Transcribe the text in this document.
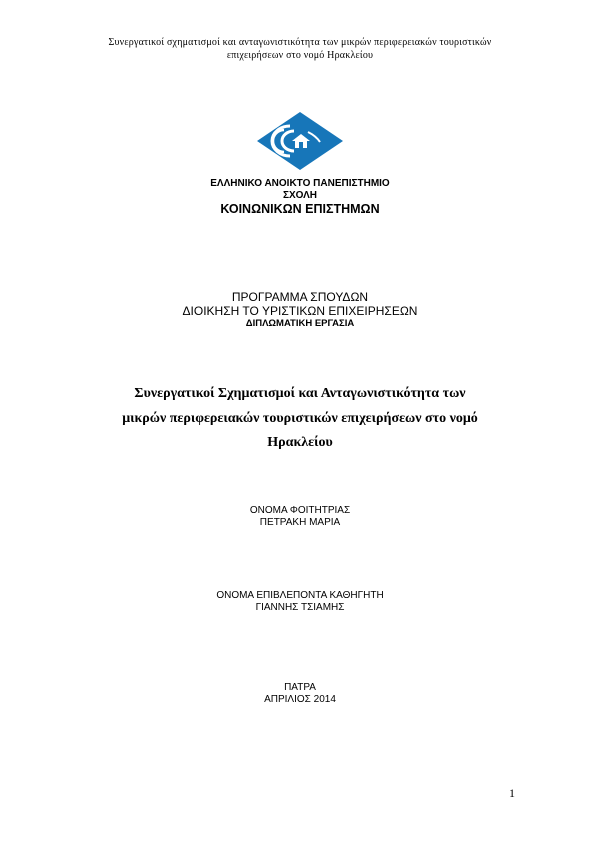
Συνεργατικοί σχηματισμοί και ανταγωνιστικότητα των μικρών περιφερειακών τουριστικών
επιχειρήσεων στο νομό Ηρακλείου
ΕΛΛΗΝΙΚΟ ΑΝΟΙΚΤΟ ΠΑΝΕΠΙΣΤΗΜΙΟ
ΣΧΟΛΗ
ΚΟΙΝΩΝΙΚΩΝ ΕΠΙΣΤΗΜΩΝ
ΠΡΟΓΡΑΜΜΑ ΣΠΟΥΔΩΝ
ΔΙΟΙΚΗΣΗ ΤΟ ΥΡΙΣΤΙΚΩΝ ΕΠΙΧΕΙΡΗΣΕΩΝ
ΔΙΠΛΩΜΑΤΙΚΗ ΕΡΓΑΣΙΑ
Συνεργατικοί Σχηματισμοί και Ανταγωνιστικότητα των
μικρών περιφερειακών τουριστικών επιχειρήσεων στο νομό
Ηρακλείου
ΟΝΟΜΑ ΦΟΙΤΗΤΡΙΑΣ
ΠΕΤΡΑΚΗ ΜΑΡΙΑ
ΟΝΟΜΑ ΕΠΙΒΛΕΠΟΝΤΑ ΚΑΘΗΓΗΤΗ
ΓΙΑΝΝΗΣ ΤΣΙΑΜΗΣ
ΠΑΤΡΑ
ΑΠΡΙΛΙΟΣ 2014
1
